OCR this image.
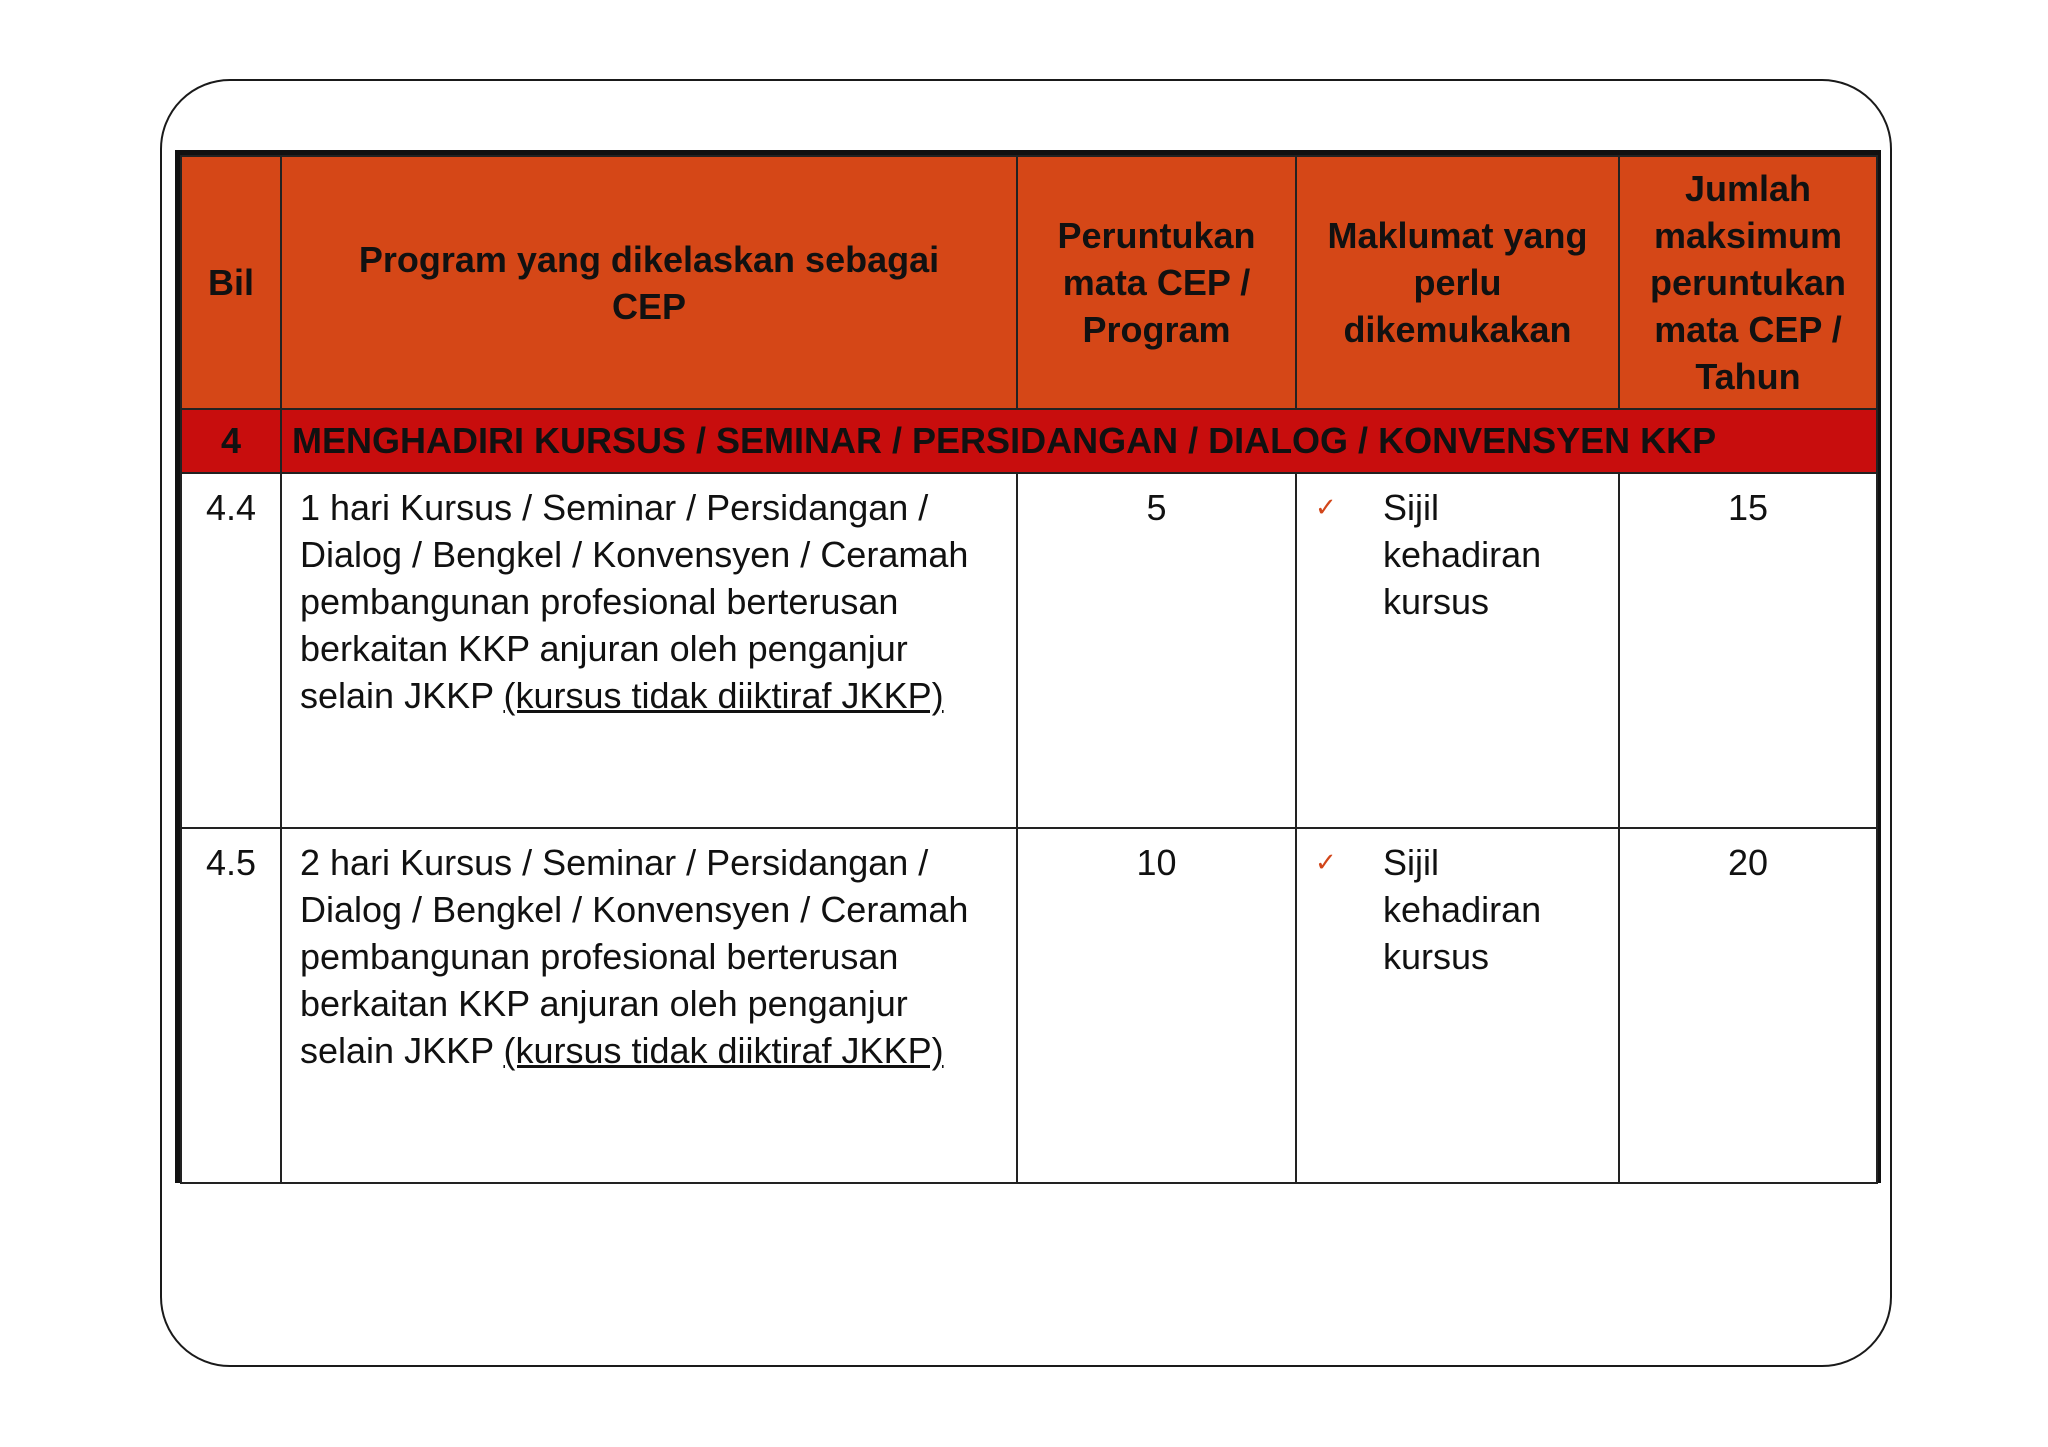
Bil	Program yang dikelaskan sebagai CEP	Peruntukan mata CEP / Program	Maklumat yang perlu dikemukakan	Jumlah maksimum peruntukan mata CEP / Tahun
4	MENGHADIRI KURSUS / SEMINAR / PERSIDANGAN / DIALOG / KONVENSYEN KKP			
4.4	1 hari Kursus / Seminar / Persidangan / Dialog / Bengkel / Konvensyen / Ceramah pembangunan profesional berterusan berkaitan KKP anjuran oleh penganjur selain JKKP (kursus tidak diiktiraf JKKP)	5	✓ Sijil kehadiran kursus	15
4.5	2 hari Kursus / Seminar / Persidangan / Dialog / Bengkel / Konvensyen / Ceramah pembangunan profesional berterusan berkaitan KKP anjuran oleh penganjur selain JKKP (kursus tidak diiktiraf JKKP)	10	✓ Sijil kehadiran kursus	20
